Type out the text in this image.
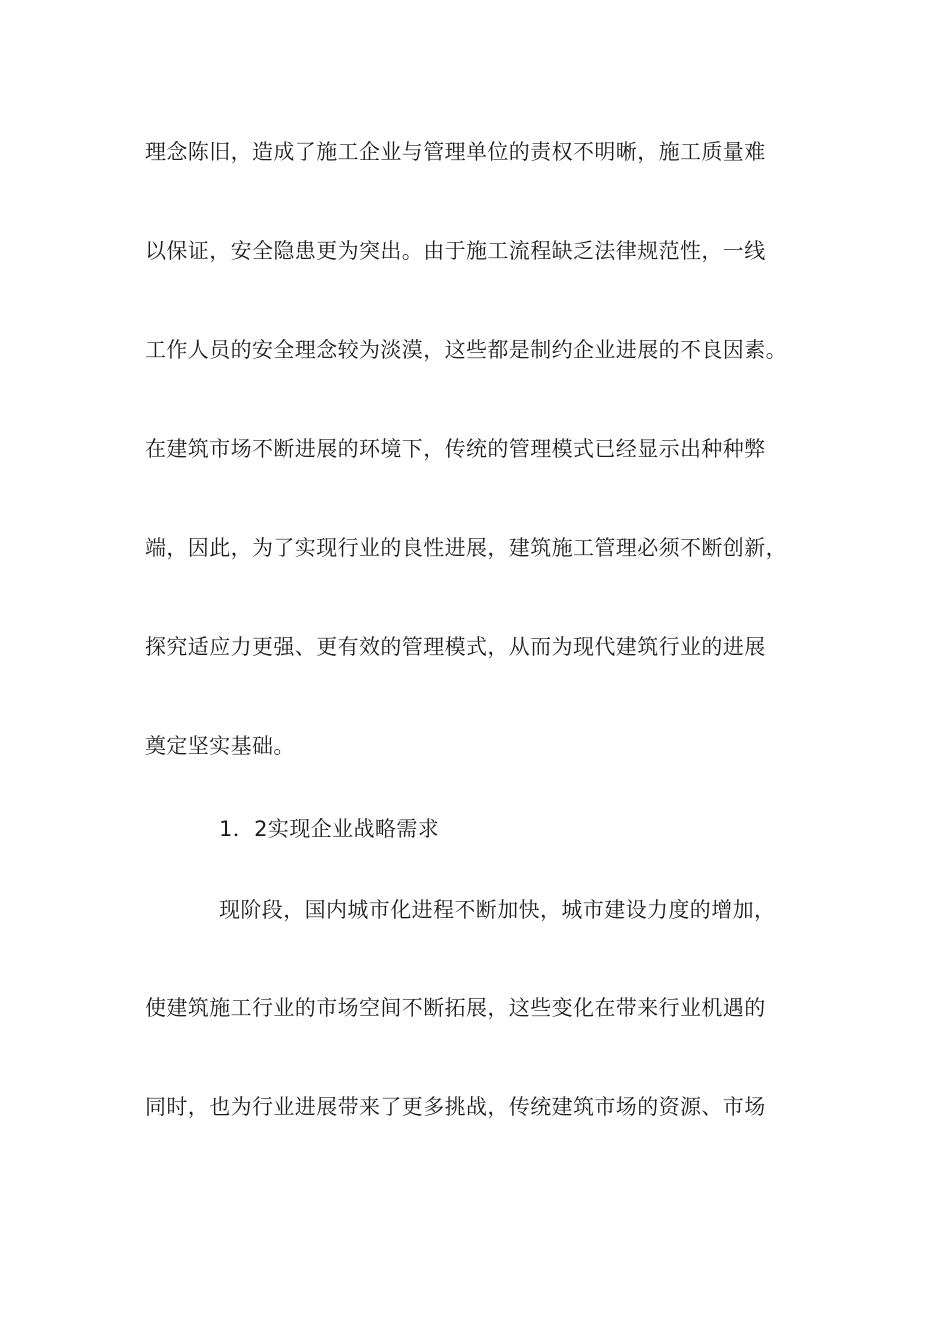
理念陈旧，造成了施工企业与管理单位的责权不明晰，施工质量难
以保证，安全隐患更为突出。由于施工流程缺乏法律规范性，一线
工作人员的安全理念较为淡漠，这些都是制约企业进展的不良因素。
在建筑市场不断进展的环境下，传统的管理模式已经显示出种种弊
端，因此，为了实现行业的良性进展，建筑施工管理必须不断创新，
探究适应力更强、更有效的管理模式，从而为现代建筑行业的进展
奠定坚实基础。
1．2实现企业战略需求
现阶段，国内城市化进程不断加快，城市建设力度的增加，
使建筑施工行业的市场空间不断拓展，这些变化在带来行业机遇的
同时，也为行业进展带来了更多挑战，传统建筑市场的资源、市场
